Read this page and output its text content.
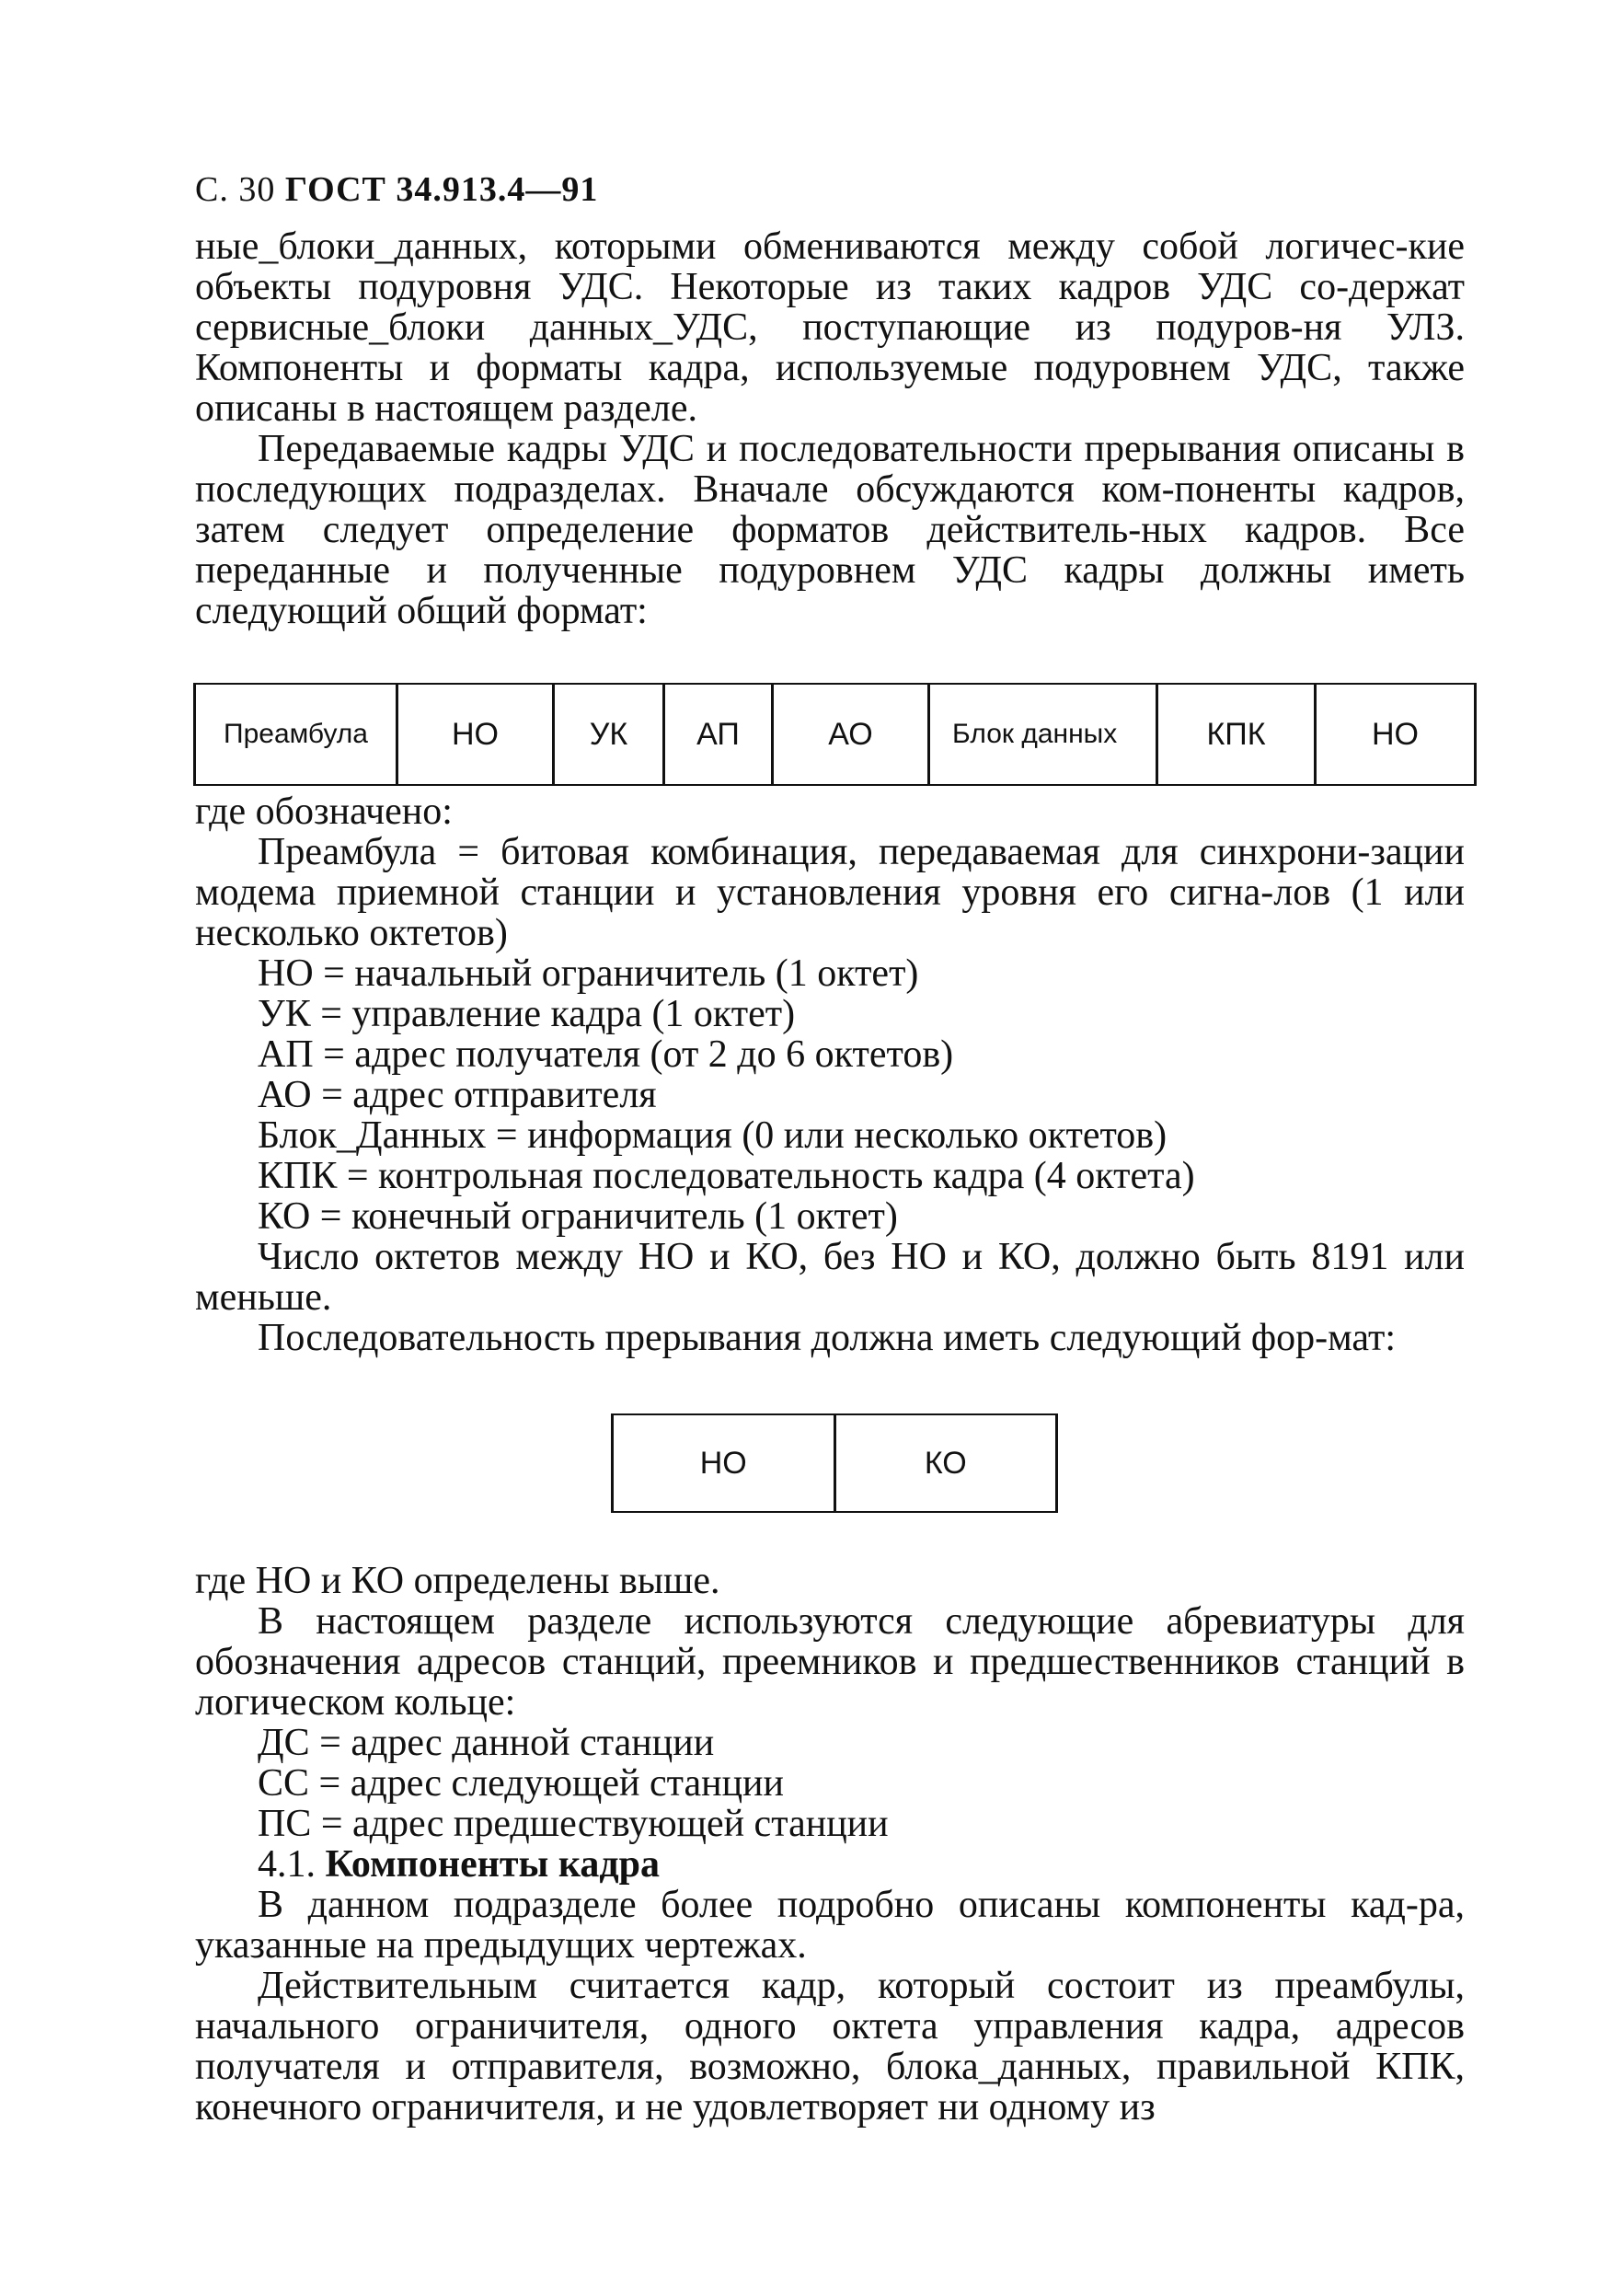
С. 30 ГОСТ 34.913.4—91

ные_блоки_данных, которыми обмениваются между собой логичес-кие объекты подуровня УДС. Некоторые из таких кадров УДС со-держат сервисные_блоки данных_УДС, поступающие из подуров-ня УЛЗ. Компоненты и форматы кадра, используемые подуровнем УДС, также описаны в настоящем разделе.

Передаваемые кадры УДС и последовательности прерывания описаны в последующих подразделах. Вначале обсуждаются ком-поненты кадров, затем следует определение форматов действитель-ных кадров. Все переданные и полученные подуровнем УДС кадры должны иметь следующий общий формат:

Преамбула	НО	УК	АП	АО	Блок данных	КПК	НО

где обозначено:

Преамбула = битовая комбинация, передаваемая для синхрони-зации модема приемной станции и установления уровня его сигна-лов (1 или несколько октетов)

НО = начальный ограничитель (1 октет)
УК = управление кадра (1 октет)
АП = адрес получателя (от 2 до 6 октетов)
АО = адрес отправителя
Блок_Данных = информация (0 или несколько октетов)
КПК = контрольная последовательность кадра (4 октета)
КО = конечный ограничитель (1 октет)

Число октетов между НО и КО, без НО и КО, должно быть 8191 или меньше.

Последовательность прерывания должна иметь следующий фор-мат:

НО	КО

где НО и КО определены выше.

В настоящем разделе используются следующие абревиатуры для обозначения адресов станций, преемников и предшественников станций в логическом кольце:

ДС = адрес данной станции
СС = адрес следующей станции
ПС = адрес предшествующей станции
4.1. Компоненты кадра

В данном подразделе более подробно описаны компоненты кад-ра, указанные на предыдущих чертежах.

Действительным считается кадр, который состоит из преамбулы, начального ограничителя, одного октета управления кадра, адресов получателя и отправителя, возможно, блока_данных, правильной КПК, конечного ограничителя, и не удовлетворяет ни одному из
